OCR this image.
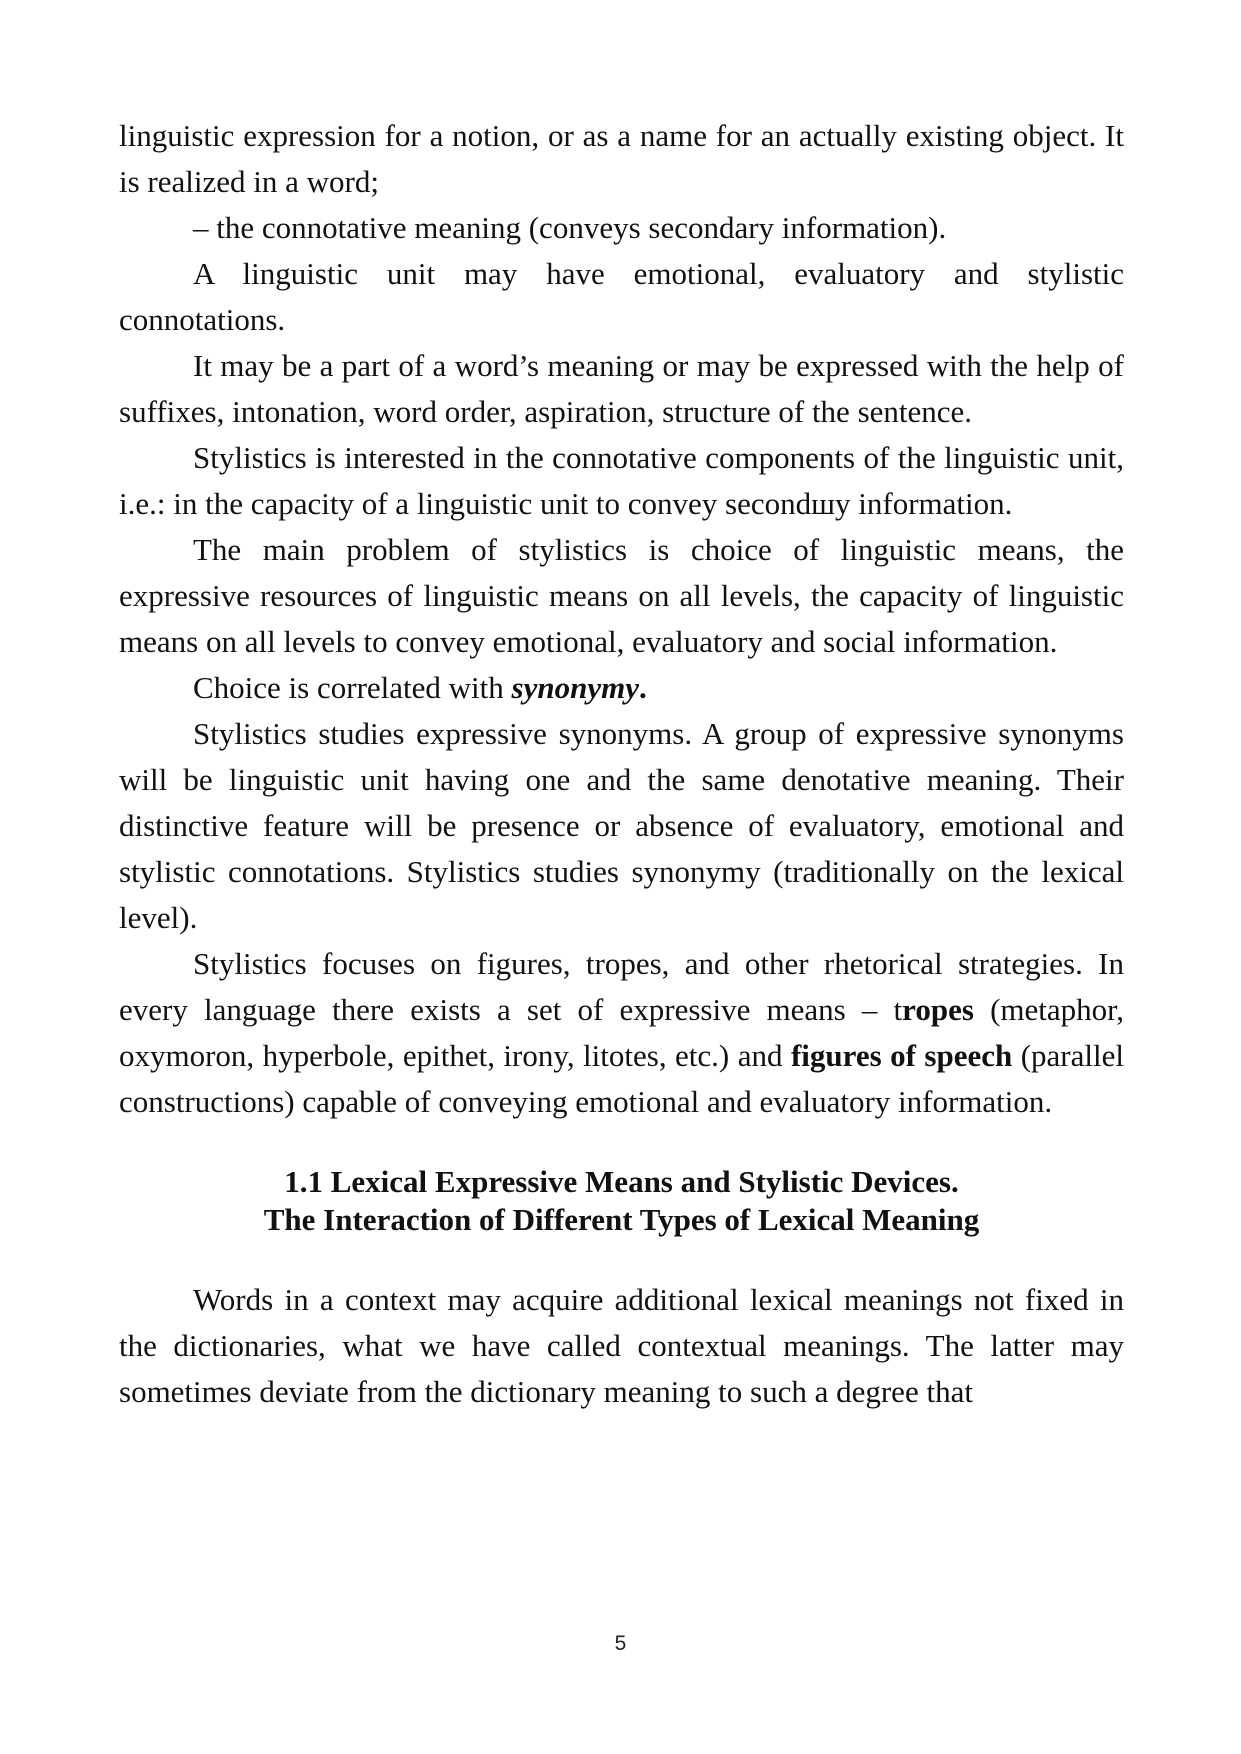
linguistic expression for a notion, or as a name for an actually existing object. It is realized in a word;

– the connotative meaning (conveys secondary information).

A linguistic unit may have emotional, evaluatory and stylistic connotations.

It may be a part of a word’s meaning or may be expressed with the help of suffixes, intonation, word order, aspiration, structure of the sentence.

Stylistics is interested in the connotative components of the linguistic unit, i.e.: in the capacity of a linguistic unit to convey secondшy information.

The main problem of stylistics is choice of linguistic means, the expressive resources of linguistic means on all levels, the capacity of linguistic means on all levels to convey emotional, evaluatory and social information.

Choice is correlated with synonymy.

Stylistics studies expressive synonyms. A group of expressive synonyms will be linguistic unit having one and the same denotative meaning. Their distinctive feature will be presence or absence of evaluatory, emotional and stylistic connotations. Stylistics studies synonymy (traditionally on the lexical level).

Stylistics focuses on figures, tropes, and other rhetorical strategies. In every language there exists a set of expressive means – tropes (metaphor, oxymoron, hyperbole, epithet, irony, litotes, etc.) and figures of speech (parallel constructions) capable of conveying emotional and evaluatory information.

1.1 Lexical Expressive Means and Stylistic Devices.
The Interaction of Different Types of Lexical Meaning

Words in a context may acquire additional lexical meanings not fixed in the dictionaries, what we have called contextual meanings. The latter may sometimes deviate from the dictionary meaning to such a degree that

5
